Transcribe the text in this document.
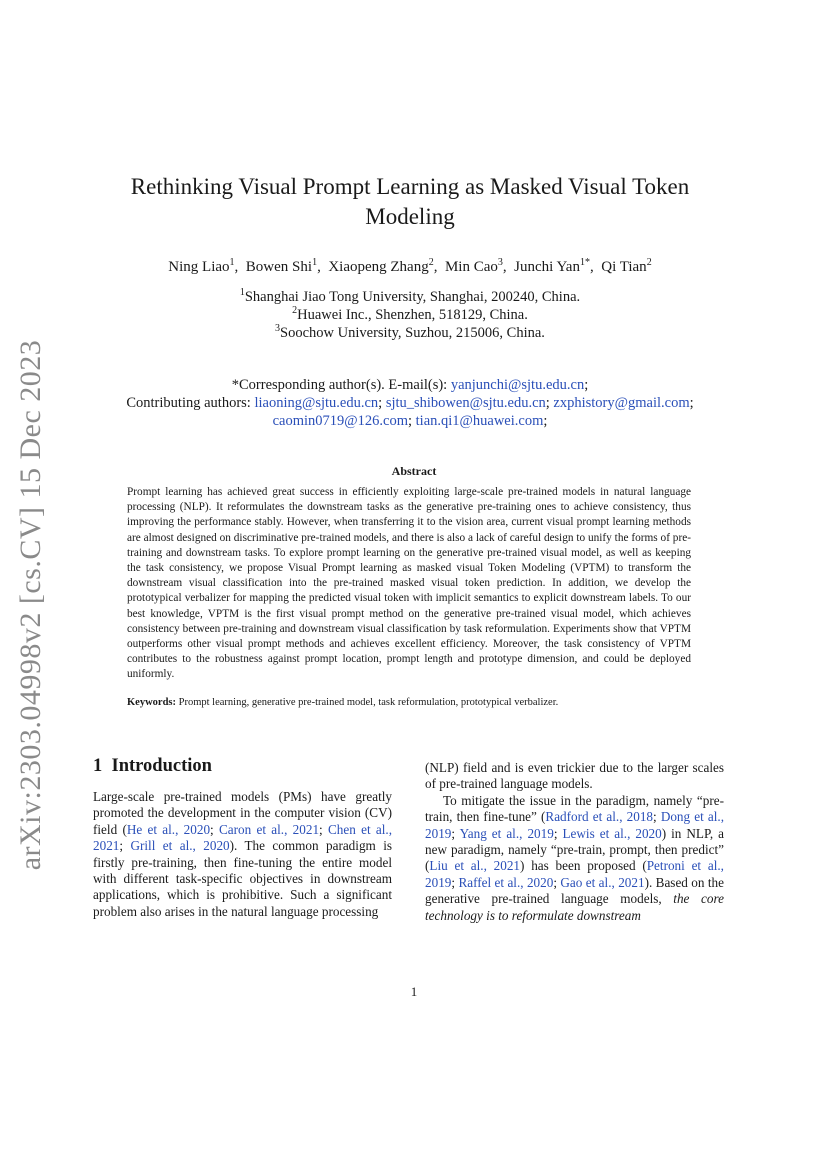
arXiv:2303.04998v2 [cs.CV] 15 Dec 2023
Rethinking Visual Prompt Learning as Masked Visual Token
Modeling
Ning Liao$^1$,  Bowen Shi$^1$,  Xiaopeng Zhang$^2$,  Min Cao$^3$,  Junchi Yan$^{1*}$,  Qi Tian$^2$
$^1$Shanghai Jiao Tong University, Shanghai, 200240, China.
$^2$Huawei Inc., Shenzhen, 518129, China.
$^3$Soochow University, Suzhou, 215006, China.
*Corresponding author(s). E-mail(s): yanjunchi@sjtu.edu.cn;
Contributing authors: liaoning@sjtu.edu.cn; sjtu_shibowen@sjtu.edu.cn; zxphistory@gmail.com;
caomin0719@126.com; tian.qi1@huawei.com;
Abstract
Prompt learning has achieved great success in efficiently exploiting large-scale pre-trained models in natural language processing (NLP). It reformulates the downstream tasks as the generative pre-training ones to achieve consistency, thus improving the performance stably. However, when transferring it to the vision area, current visual prompt learning methods are almost designed on discriminative pre-trained models, and there is also a lack of careful design to unify the forms of pre-training and downstream tasks. To explore prompt learning on the generative pre-trained visual model, as well as keeping the task consistency, we propose Visual Prompt learning as masked visual Token Modeling (VPTM) to transform the downstream visual classification into the pre-trained masked visual token prediction. In addition, we develop the prototypical verbalizer for mapping the predicted visual token with implicit semantics to explicit downstream labels. To our best knowledge, VPTM is the first visual prompt method on the generative pre-trained visual model, which achieves consistency between pre-training and downstream visual classification by task reformulation. Experiments show that VPTM outperforms other visual prompt methods and achieves excellent efficiency. Moreover, the task consistency of VPTM contributes to the robustness against prompt location, prompt length and prototype dimension, and could be deployed uniformly.
Keywords: Prompt learning, generative pre-trained model, task reformulation, prototypical verbalizer.
1 Introduction

Large-scale pre-trained models (PMs) have greatly promoted the development in the computer vision (CV) field (He et al., 2020; Caron et al., 2021; Chen et al., 2021; Grill et al., 2020). The common paradigm is firstly pre-training, then fine-tuning the entire model with different task-specific objectives in downstream applications, which is prohibitive. Such a significant problem also arises in the natural language processing

(NLP) field and is even trickier due to the larger scales of pre-trained language models.

To mitigate the issue in the paradigm, namely “pre-train, then fine-tune” (Radford et al., 2018; Dong et al., 2019; Yang et al., 2019; Lewis et al., 2020) in NLP, a new paradigm, namely “pre-train, prompt, then predict” (Liu et al., 2021) has been proposed (Petroni et al., 2019; Raffel et al., 2020; Gao et al., 2021). Based on the generative pre-trained language models, the core technology is to reformulate downstream

1
